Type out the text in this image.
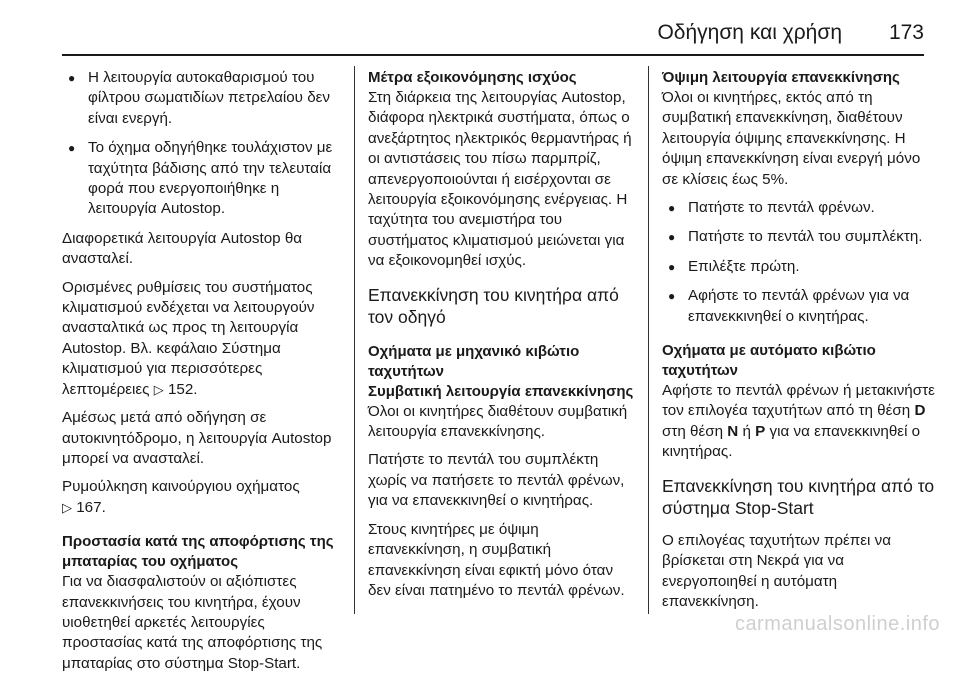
Οδήγηση και χρήση 173
● Η λειτουργία αυτοκαθαρισμού του φίλτρου σωματιδίων πετρελαίου δεν είναι ενεργή.
● Το όχημα οδηγήθηκε τουλάχιστον με ταχύτητα βάδισης από την τελευταία φορά που ενεργοποιήθηκε η λειτουργία Autostop.

Διαφορετικά λειτουργία Autostop θα ανασταλεί.

Ορισμένες ρυθμίσεις του συστήματος κλιματισμού ενδέχεται να λειτουργούν ανασταλτικά ως προς τη λειτουργία Autostop. Βλ. κεφάλαιο Σύστημα κλιματισμού για περισσότερες λεπτομέρειες ▷ 152.

Αμέσως μετά από οδήγηση σε αυτοκινητόδρομο, η λειτουργία Autostop μπορεί να ανασταλεί.

Ρυμούλκηση καινούργιου οχήματος
▷ 167.

Προστασία κατά της αποφόρτισης της μπαταρίας του οχήματος

Για να διασφαλιστούν οι αξιόπιστες επανεκκινήσεις του κινητήρα, έχουν υιοθετηθεί αρκετές λειτουργίες προστασίας κατά της αποφόρτισης της μπαταρίας στο σύστημα Stop-Start.

Μέτρα εξοικονόμησης ισχύος

Στη διάρκεια της λειτουργίας Autostop, διάφορα ηλεκτρικά συστήματα, όπως ο ανεξάρτητος ηλεκτρικός θερμαντήρας ή οι αντιστάσεις του πίσω παρμπρίζ, απενεργοποιούνται ή εισέρχονται σε λειτουργία εξοικονόμησης ενέργειας. Η ταχύτητα του ανεμιστήρα του συστήματος κλιματισμού μειώνεται για να εξοικονομηθεί ισχύς.

Επανεκκίνηση του κινητήρα από τον οδηγό
Οχήματα με μηχανικό κιβώτιο ταχυτήτων
Συμβατική λειτουργία επανεκκίνησης

Όλοι οι κινητήρες διαθέτουν συμβατική λειτουργία επανεκκίνησης.

Πατήστε το πεντάλ του συμπλέκτη χωρίς να πατήσετε το πεντάλ φρένων, για να επανεκκινηθεί ο κινητήρας.

Στους κινητήρες με όψιμη επανεκκίνηση, η συμβατική επανεκκίνηση είναι εφικτή μόνο όταν δεν είναι πατημένο το πεντάλ φρένων.

Όψιμη λειτουργία επανεκκίνησης

Όλοι οι κινητήρες, εκτός από τη συμβατική επανεκκίνηση, διαθέτουν λειτουργία όψιμης επανεκκίνησης. Η όψιμη επανεκκίνηση είναι ενεργή μόνο σε κλίσεις έως 5%.

● Πατήστε το πεντάλ φρένων.
● Πατήστε το πεντάλ του συμπλέκτη.
● Επιλέξτε πρώτη.
● Αφήστε το πεντάλ φρένων για να επανεκκινηθεί ο κινητήρας.
Οχήματα με αυτόματο κιβώτιο ταχυτήτων

Αφήστε το πεντάλ φρένων ή μετακινήστε τον επιλογέα ταχυτήτων από τη θέση D στη θέση N ή P για να επανεκκινηθεί ο κινητήρας.

Επανεκκίνηση του κινητήρα από το σύστημα Stop-Start

Ο επιλογέας ταχυτήτων πρέπει να βρίσκεται στη Νεκρά για να ενεργοποιηθεί η αυτόματη επανεκκίνηση.

carmanualsonline.info
